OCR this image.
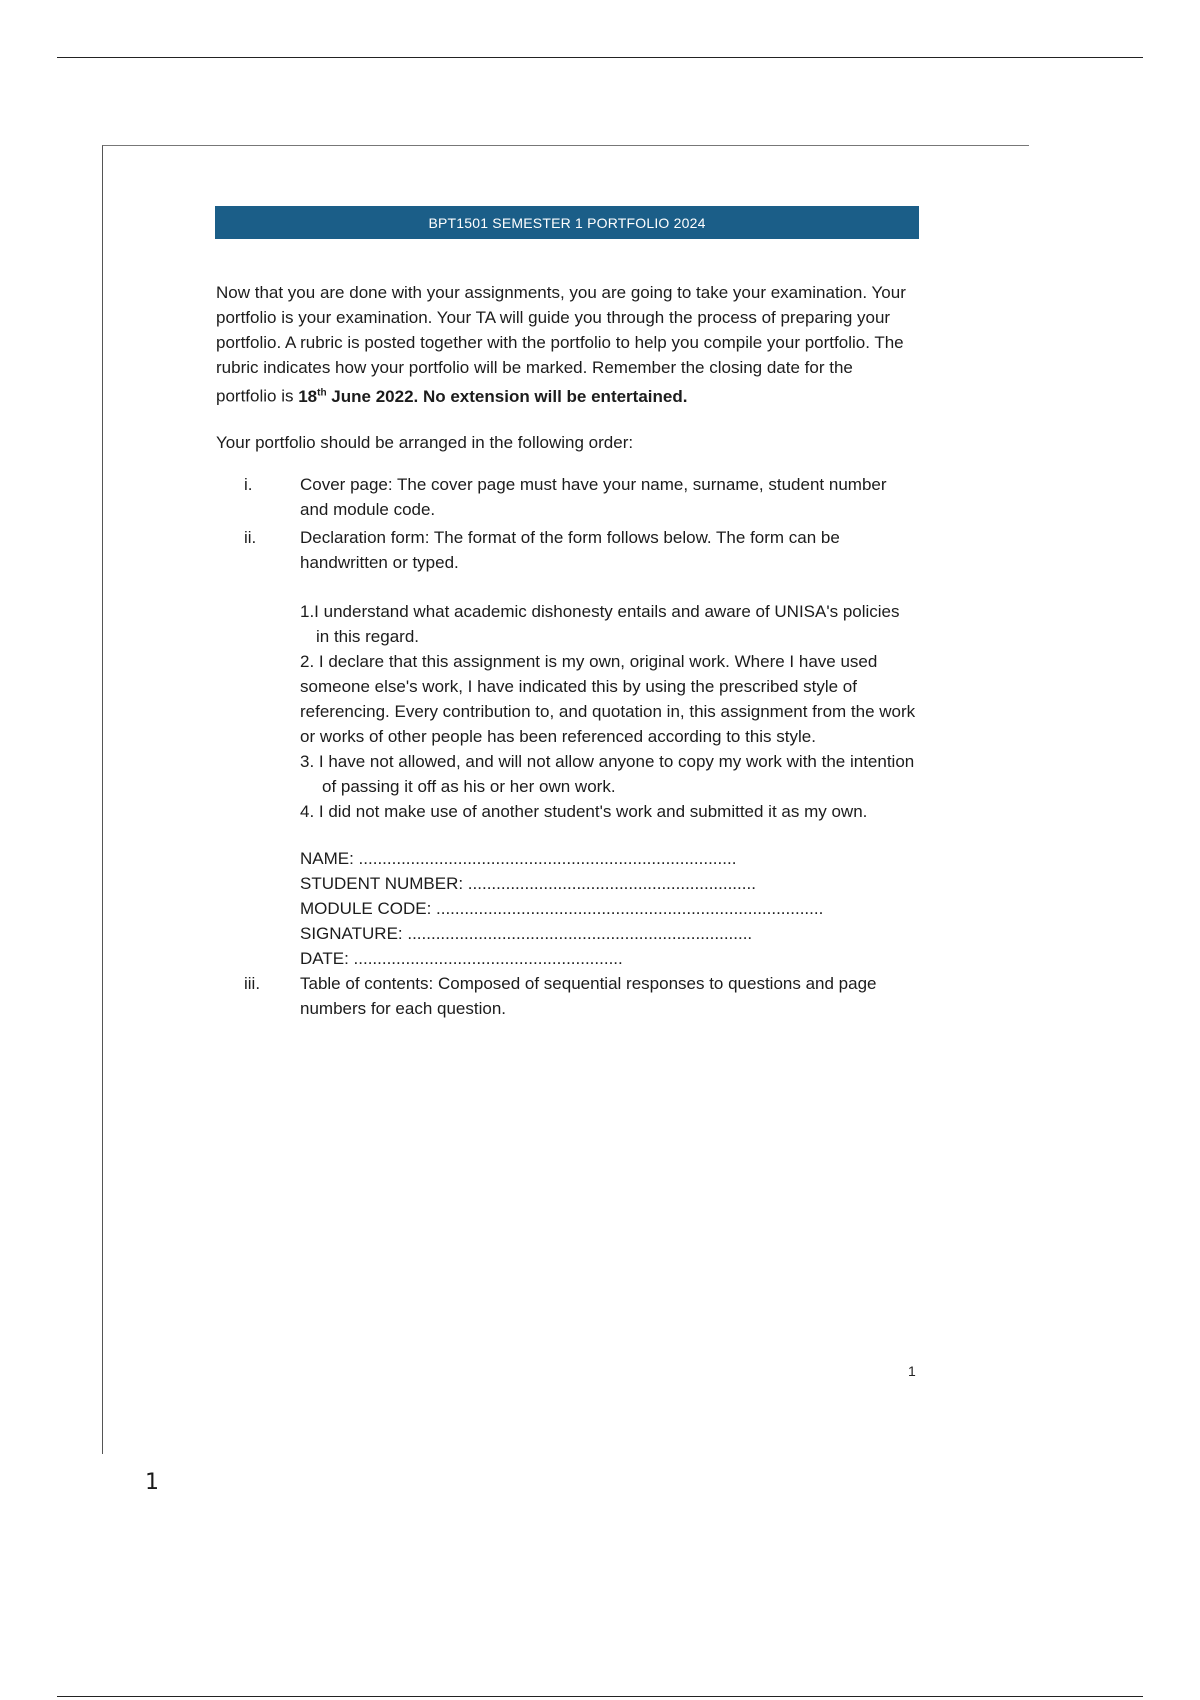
BPT1501 SEMESTER 1 PORTFOLIO 2024

Now that you are done with your assignments, you are going to take your examination. Your portfolio is your examination. Your TA will guide you through the process of preparing your portfolio. A rubric is posted together with the portfolio to help you compile your portfolio. The rubric indicates how your portfolio will be marked. Remember the closing date for the portfolio is 18th June 2022. No extension will be entertained.

Your portfolio should be arranged in the following order:

i.	Cover page: The cover page must have your name, surname, student number and module code.
ii.	Declaration form: The format of the form follows below. The form can be handwritten or typed.

1.I understand what academic dishonesty entails and aware of UNISA's policies in this regard.

2. I declare that this assignment is my own, original work. Where I have used someone else's work, I have indicated this by using the prescribed style of referencing. Every contribution to, and quotation in, this assignment from the work or works of other people has been referenced according to this style.

3. I have not allowed, and will not allow anyone to copy my work with the intention of passing it off as his or her own work.

4. I did not make use of another student's work and submitted it as my own.

NAME: ................................................................................
STUDENT NUMBER: .............................................................
MODULE CODE: ..................................................................................
SIGNATURE: .........................................................................
DATE: .........................................................
iii.	Table of contents: Composed of sequential responses to questions and page numbers for each question.
1
1
